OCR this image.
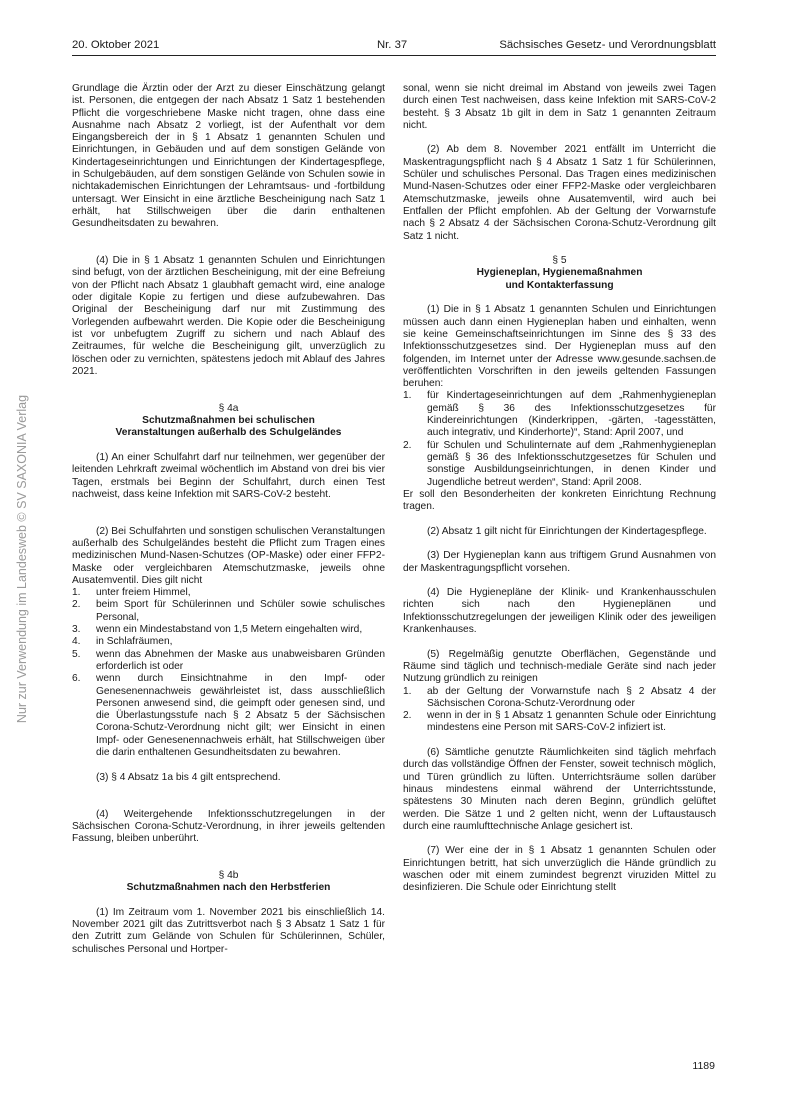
20. Oktober 2021	Nr. 37	Sächsisches Gesetz- und Verordnungsblatt
Nur zur Verwendung im Landesweb © SV SAXONIA Verlag

Grundlage die Ärztin oder der Arzt zu dieser Einschätzung gelangt ist. Personen, die entgegen der nach Absatz 1 Satz 1 bestehenden Pflicht die vorgeschriebene Maske nicht tragen, ohne dass eine Ausnahme nach Absatz 2 vorliegt, ist der Aufenthalt vor dem Eingangsbereich der in § 1 Absatz 1 genannten Schulen und Einrichtungen, in Gebäuden und auf dem sonstigen Gelände von Kindertageseinrichtungen und Einrichtungen der Kindertagespflege, in Schulgebäuden, auf dem sonstigen Gelände von Schulen sowie in nichtakademischen Einrichtungen der Lehramtsaus- und -fortbildung untersagt. Wer Einsicht in eine ärztliche Bescheinigung nach Satz 1 erhält, hat Stillschweigen über die darin enthaltenen Gesundheitsdaten zu bewahren.

(4) Die in § 1 Absatz 1 genannten Schulen und Einrichtungen sind befugt, von der ärztlichen Bescheinigung, mit der eine Befreiung von der Pflicht nach Absatz 1 glaubhaft gemacht wird, eine analoge oder digitale Kopie zu fertigen und diese aufzubewahren. Das Original der Bescheinigung darf nur mit Zustimmung des Vorlegenden aufbewahrt werden. Die Kopie oder die Bescheinigung ist vor unbefugtem Zugriff zu sichern und nach Ablauf des Zeitraumes, für welche die Bescheinigung gilt, unverzüglich zu löschen oder zu vernichten, spätestens jedoch mit Ablauf des Jahres 2021.

§ 4a
Schutzmaßnahmen bei schulischen
Veranstaltungen außerhalb des Schulgeländes

(1) An einer Schulfahrt darf nur teilnehmen, wer gegenüber der leitenden Lehrkraft zweimal wöchentlich im Abstand von drei bis vier Tagen, erstmals bei Beginn der Schulfahrt, durch einen Test nachweist, dass keine Infektion mit SARS-CoV-2 besteht.

(2) Bei Schulfahrten und sonstigen schulischen Veranstaltungen außerhalb des Schulgeländes besteht die Pflicht zum Tragen eines medizinischen Mund-Nasen-Schutzes (OP-Maske) oder einer FFP2-Maske oder vergleichbaren Atemschutzmaske, jeweils ohne Ausatemventil. Dies gilt nicht

1. unter freiem Himmel,
2. beim Sport für Schülerinnen und Schüler sowie schulisches Personal,
3. wenn ein Mindestabstand von 1,5 Metern eingehalten wird,
4. in Schlafräumen,
5. wenn das Abnehmen der Maske aus unabweisbaren Gründen erforderlich ist oder
6. wenn durch Einsichtnahme in den Impf- oder Genesenennachweis gewährleistet ist, dass ausschließlich Personen anwesend sind, die geimpft oder genesen sind, und die Überlastungsstufe nach § 2 Absatz 5 der Sächsischen Corona-Schutz-Verordnung nicht gilt; wer Einsicht in einen Impf- oder Genesenennachweis erhält, hat Stillschweigen über die darin enthaltenen Gesundheitsdaten zu bewahren.

(3) § 4 Absatz 1a bis 4 gilt entsprechend.

(4) Weitergehende Infektionsschutzregelungen in der Sächsischen Corona-Schutz-Verordnung, in ihrer jeweils geltenden Fassung, bleiben unberührt.

§ 4b
Schutzmaßnahmen nach den Herbstferien

(1) Im Zeitraum vom 1. November 2021 bis einschließlich 14. November 2021 gilt das Zutrittsverbot nach § 3 Absatz 1 Satz 1 für den Zutritt zum Gelände von Schulen für Schülerinnen, Schüler, schulisches Personal und Hortper-

sonal, wenn sie nicht dreimal im Abstand von jeweils zwei Tagen durch einen Test nachweisen, dass keine Infektion mit SARS-CoV-2 besteht. § 3 Absatz 1b gilt in dem in Satz 1 genannten Zeitraum nicht.

(2) Ab dem 8. November 2021 entfällt im Unterricht die Maskentragungspflicht nach § 4 Absatz 1 Satz 1 für Schülerinnen, Schüler und schulisches Personal. Das Tragen eines medizinischen Mund-Nasen-Schutzes oder einer FFP2-Maske oder vergleichbaren Atemschutzmaske, jeweils ohne Ausatemventil, wird auch bei Entfallen der Pflicht empfohlen. Ab der Geltung der Vorwarnstufe nach § 2 Absatz 4 der Sächsischen Corona-Schutz-Verordnung gilt Satz 1 nicht.

§ 5
Hygieneplan, Hygienemaßnahmen
und Kontakterfassung

(1) Die in § 1 Absatz 1 genannten Schulen und Einrichtungen müssen auch dann einen Hygieneplan haben und einhalten, wenn sie keine Gemeinschaftseinrichtungen im Sinne des § 33 des Infektionsschutzgesetzes sind. Der Hygieneplan muss auf den folgenden, im Internet unter der Adresse www.gesunde.sachsen.de veröffentlichten Vorschriften in den jeweils geltenden Fassungen beruhen:

1. für Kindertageseinrichtungen auf dem „Rahmenhygieneplan gemäß § 36 des Infektionsschutzgesetzes für Kindereinrichtungen (Kinderkrippen, -gärten, -tagesstätten, auch integrativ, und Kinderhorte)“, Stand: April 2007, und
2. für Schulen und Schulinternate auf dem „Rahmenhygieneplan gemäß § 36 des Infektionsschutzgesetzes für Schulen und sonstige Ausbildungseinrichtungen, in denen Kinder und Jugendliche betreut werden“, Stand: April 2008.

Er soll den Besonderheiten der konkreten Einrichtung Rechnung tragen.

(2) Absatz 1 gilt nicht für Einrichtungen der Kindertagespflege.

(3) Der Hygieneplan kann aus triftigem Grund Ausnahmen von der Maskentragungspflicht vorsehen.

(4) Die Hygienepläne der Klinik- und Krankenhausschulen richten sich nach den Hygieneplänen und Infektionsschutzregelungen der jeweiligen Klinik oder des jeweiligen Krankenhauses.

(5) Regelmäßig genutzte Oberflächen, Gegenstände und Räume sind täglich und technisch-mediale Geräte sind nach jeder Nutzung gründlich zu reinigen

1. ab der Geltung der Vorwarnstufe nach § 2 Absatz 4 der Sächsischen Corona-Schutz-Verordnung oder
2. wenn in der in § 1 Absatz 1 genannten Schule oder Einrichtung mindestens eine Person mit SARS-CoV-2 infiziert ist.

(6) Sämtliche genutzte Räumlichkeiten sind täglich mehrfach durch das vollständige Öffnen der Fenster, soweit technisch möglich, und Türen gründlich zu lüften. Unterrichtsräume sollen darüber hinaus mindestens einmal während der Unterrichtsstunde, spätestens 30 Minuten nach deren Beginn, gründlich gelüftet werden. Die Sätze 1 und 2 gelten nicht, wenn der Luftaustausch durch eine raumlufttechnische Anlage gesichert ist.

(7) Wer eine der in § 1 Absatz 1 genannten Schulen oder Einrichtungen betritt, hat sich unverzüglich die Hände gründlich zu waschen oder mit einem zumindest begrenzt viruziden Mittel zu desinfizieren. Die Schule oder Einrichtung stellt

1189
